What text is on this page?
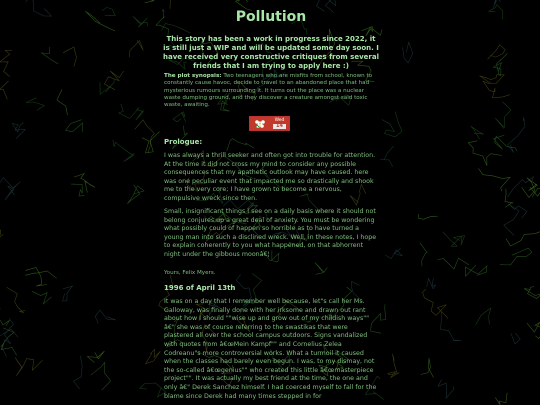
Pollution
This story has been a work in progress since 2022, it is still just a WIP and will be updated some day soon. I have received very constructive critiques from several friends that I am trying to apply here :)
The plot synopsis: Two teenagers who are misfits from school, known to constantly cause havoc, decide to travel to an abandoned place that had mysterious rumours surrounding it. It turns out the place was a nuclear waste dumping ground, and they discover a creature amongst said toxic waste, awaiting.
Wed
14
Prologue:
I was always a thrill seeker and often got into trouble for attention. At the time it did not cross my mind to consider any possible consequences that my apathetic outlook may have caused. here was one peculiar event that impacted me so drastically and shook me to the very core; I have grown to become a nervous, compulsive wreck since then.
Small, insignificant things I see on a daily basis where it should not belong conjures up a great deal of anxiety. You must be wondering what possibly could of happen so horrible as to have turned a young man into such a disclined wreck. Well, in these notes, I hope to explain coherently to you what happened, on that abhorrent night under the gibbous moonâ€¦
Yours, Felix Myers.
1996 of April 13th
It was on a day that I remember well because, let"s call her Ms. Galloway, was finally done with her irksome and drawn out rant about how I should ""wise up and grow out of my childish ways"" â€" she was of course referring to the swastikas that were plastered all over the school campus outdoors. Signs vandalized with quotes from â€œMein Kampf"" and Cornelius Zelea Codreanu"s more controversial works. What a turmoil it caused when the classes had barely even begun. I was, to my dismay, not the so-called â€œgenius"" who created this little â€œmasterpiece project"". It was actually my best friend at the time, the one and only â€" Derek Sanchez himself. I had coerced myself to fall for the blame since Derek had many times stepped in for
